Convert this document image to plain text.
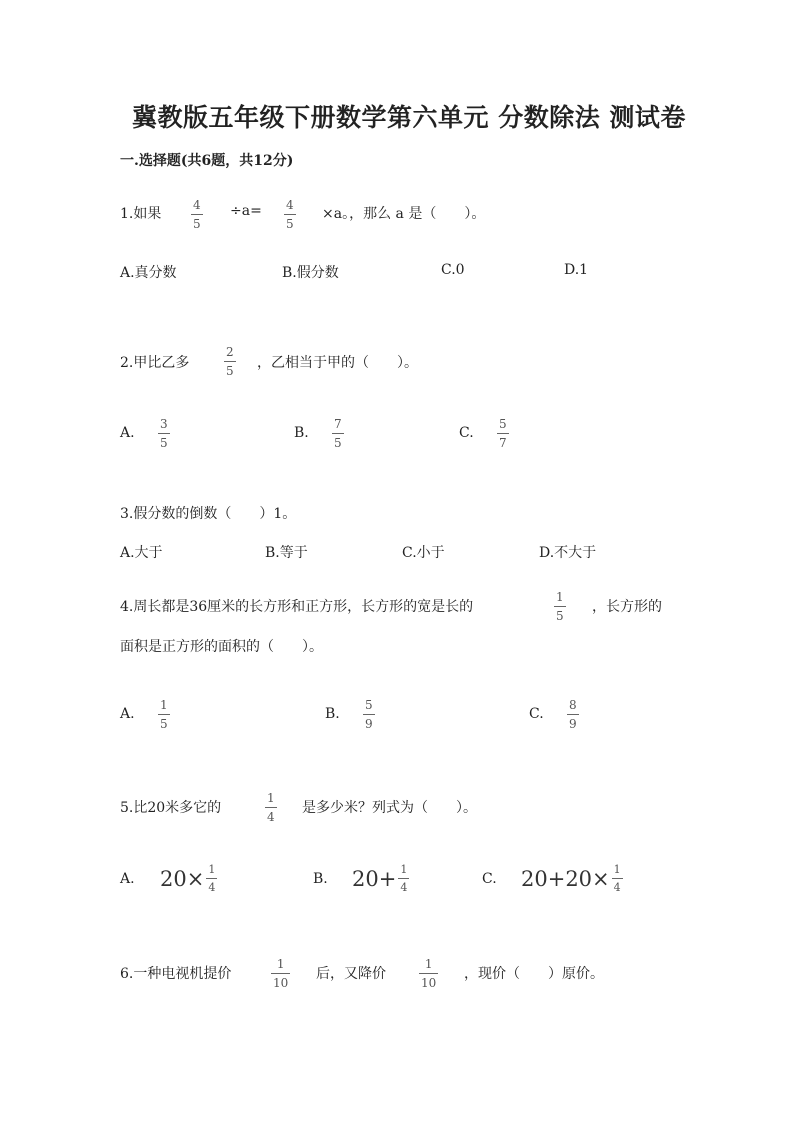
冀教版五年级下册数学第六单元 分数除法 测试卷
一.选择题(共6题，共12分)
1.如果
4
5
÷a= 4
5
×a。，那么 a 是（　　）。
A.真分数	B.假分数	C.0	D.1
2.甲比乙多
2
5 ，乙相当于甲的（　　）。
A.
3
5
B.
7
5
C.
5
7
3.假分数的倒数（　　）1。
A.大于	B.等于	C.小于	D.不大于
4.周长都是36厘米的长方形和正方形，长方形的宽是长的
1
5
，长方形的
面积是正方形的面积的（　　）。
A.
1
5
B.
5
9
C.
8
9
5.比20米多它的
1
4
是多少米？列式为（　　）。
A. $20\times \frac{1}{4}$	B. $20+ \frac{1}{4}$	C. $20+20\times \frac{1}{4}$
6.一种电视机提价
1
10
后，又降价
1
10
，现价（　　）原价。
